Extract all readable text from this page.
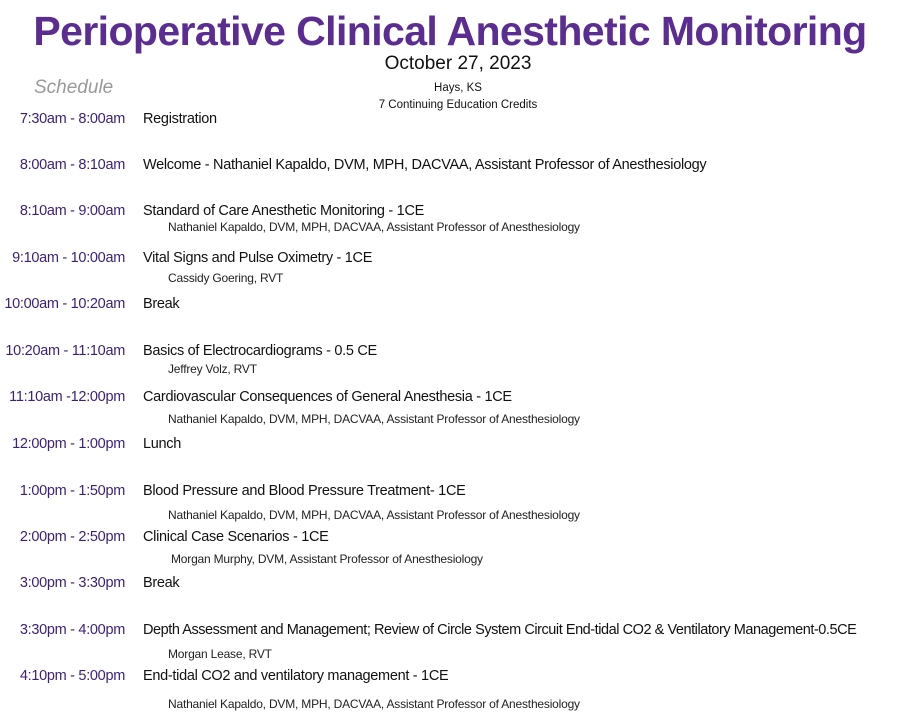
Perioperative Clinical Anesthetic Monitoring
October 27, 2023
Schedule	Hays, KS
7 Continuing Education Credits
7:30am - 8:00am Registration
8:00am - 8:10am Welcome - Nathaniel Kapaldo, DVM, MPH, DACVAA, Assistant Professor of Anesthesiology
8:10am - 9:00am Standard of Care Anesthetic Monitoring - 1CE
Nathaniel Kapaldo, DVM, MPH, DACVAA, Assistant Professor of Anesthesiology
9:10am - 10:00am Vital Signs and Pulse Oximetry - 1CE
Cassidy Goering, RVT
10:00am - 10:20am Break
10:20am - 11:10am Basics of Electrocardiograms - 0.5 CE
Jeffrey Volz, RVT
11:10am -12:00pm Cardiovascular Consequences of General Anesthesia - 1CE
Nathaniel Kapaldo, DVM, MPH, DACVAA, Assistant Professor of Anesthesiology
12:00pm - 1:00pm Lunch
1:00pm - 1:50pm Blood Pressure and Blood Pressure Treatment- 1CE
Nathaniel Kapaldo, DVM, MPH, DACVAA, Assistant Professor of Anesthesiology
2:00pm - 2:50pm Clinical Case Scenarios - 1CE
Morgan Murphy, DVM, Assistant Professor of Anesthesiology
3:00pm - 3:30pm Break
3:30pm - 4:00pm Depth Assessment and Management; Review of Circle System Circuit End-tidal CO2 & Ventilatory Management-0.5CE
Morgan Lease, RVT
4:10pm - 5:00pm End-tidal CO2 and ventilatory management - 1CE
Nathaniel Kapaldo, DVM, MPH, DACVAA, Assistant Professor of Anesthesiology
